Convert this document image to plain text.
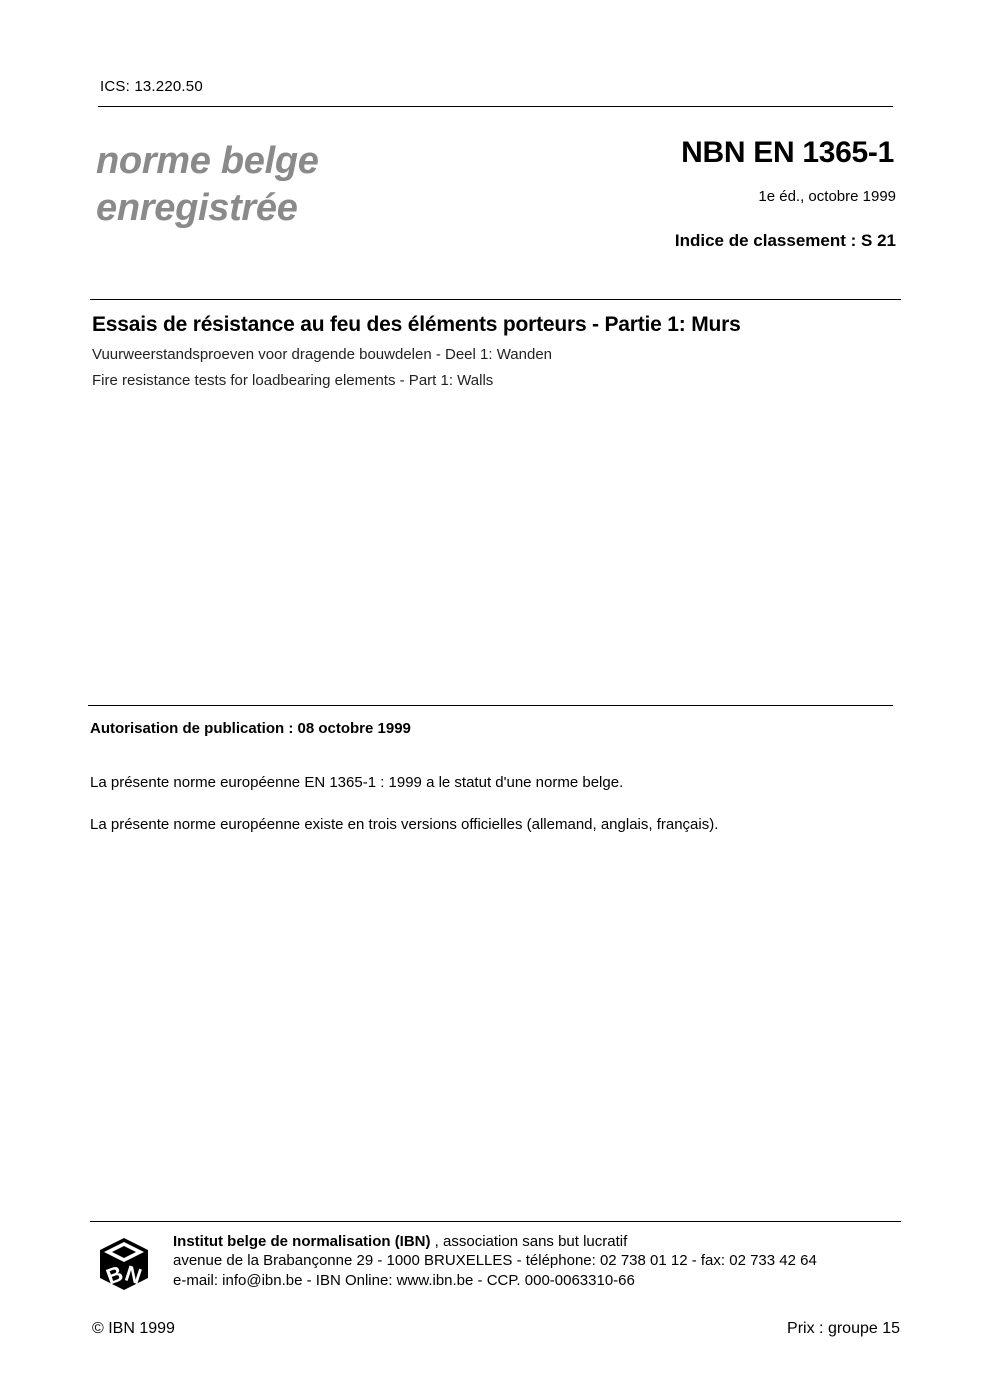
ICS: 13.220.50
norme belge
enregistrée
NBN EN 1365-1
1e éd., octobre 1999
Indice de classement : S 21
Essais de résistance au feu des éléments porteurs - Partie 1: Murs
Vuurweerstandsproeven voor dragende bouwdelen - Deel 1: Wanden
Fire resistance tests for loadbearing elements - Part 1: Walls
Autorisation de publication : 08 octobre 1999
La présente norme européenne EN 1365-1 : 1999 a le statut d'une norme belge.
La présente norme européenne existe en trois versions officielles (allemand, anglais, français).
B
N
Institut belge de normalisation (IBN) , association sans but lucratif
avenue de la Brabançonne 29 - 1000 BRUXELLES - téléphone: 02 738 01 12 - fax: 02 733 42 64
e-mail: info@ibn.be - IBN Online: www.ibn.be - CCP. 000-0063310-66
© IBN 1999	Prix : groupe 15
